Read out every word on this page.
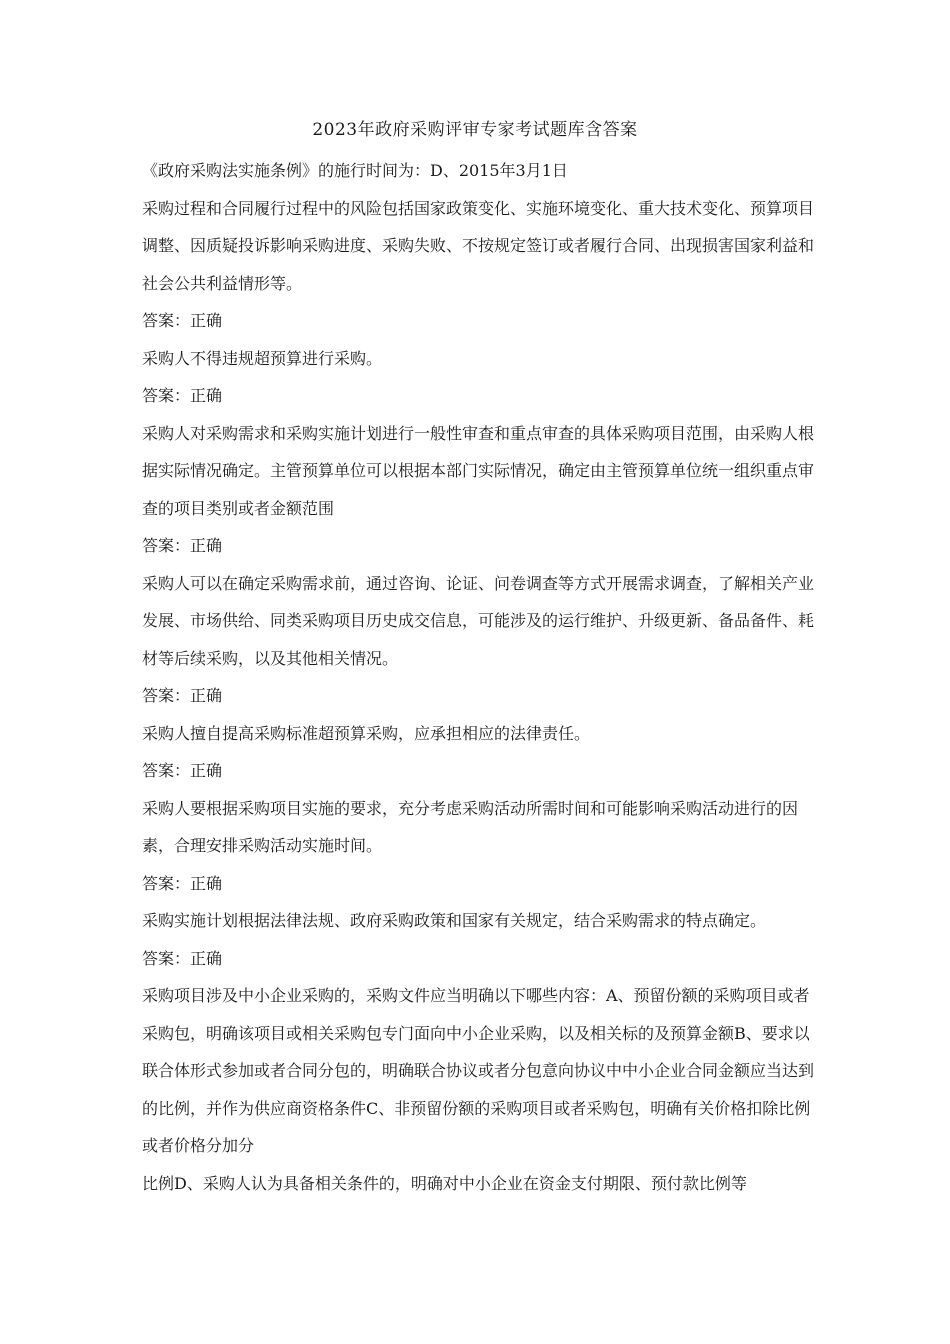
2023年政府采购评审专家考试题库含答案

《政府采购法实施条例》的施行时间为：D、2015年3月1日

采购过程和合同履行过程中的风险包括国家政策变化、实施环境变化、重大技术变化、预算项目调整、因质疑投诉影响采购进度、采购失败、不按规定签订或者履行合同、出现损害国家利益和社会公共利益情形等。

答案：正确

采购人不得违规超预算进行采购。

答案：正确

采购人对采购需求和采购实施计划进行一般性审查和重点审查的具体采购项目范围，由采购人根据实际情况确定。主管预算单位可以根据本部门实际情况，确定由主管预算单位统一组织重点审查的项目类别或者金额范围

答案：正确

采购人可以在确定采购需求前，通过咨询、论证、问卷调查等方式开展需求调查，了解相关产业发展、市场供给、同类采购项目历史成交信息，可能涉及的运行维护、升级更新、备品备件、耗材等后续采购，以及其他相关情况。

答案：正确

采购人擅自提高采购标准超预算采购，应承担相应的法律责任。

答案：正确

采购人要根据采购项目实施的要求，充分考虑采购活动所需时间和可能影响采购活动进行的因素，合理安排采购活动实施时间。

答案：正确

采购实施计划根据法律法规、政府采购政策和国家有关规定，结合采购需求的特点确定。

答案：正确

采购项目涉及中小企业采购的，采购文件应当明确以下哪些内容：A、预留份额的采购项目或者采购包，明确该项目或相关采购包专门面向中小企业采购，以及相关标的及预算金额B、要求以联合体形式参加或者合同分包的，明确联合协议或者分包意向协议中中小企业合同金额应当达到的比例，并作为供应商资格条件C、非预留份额的采购项目或者采购包，明确有关价格扣除比例或者价格分加分

比例D、采购人认为具备相关条件的，明确对中小企业在资金支付期限、预付款比例等
